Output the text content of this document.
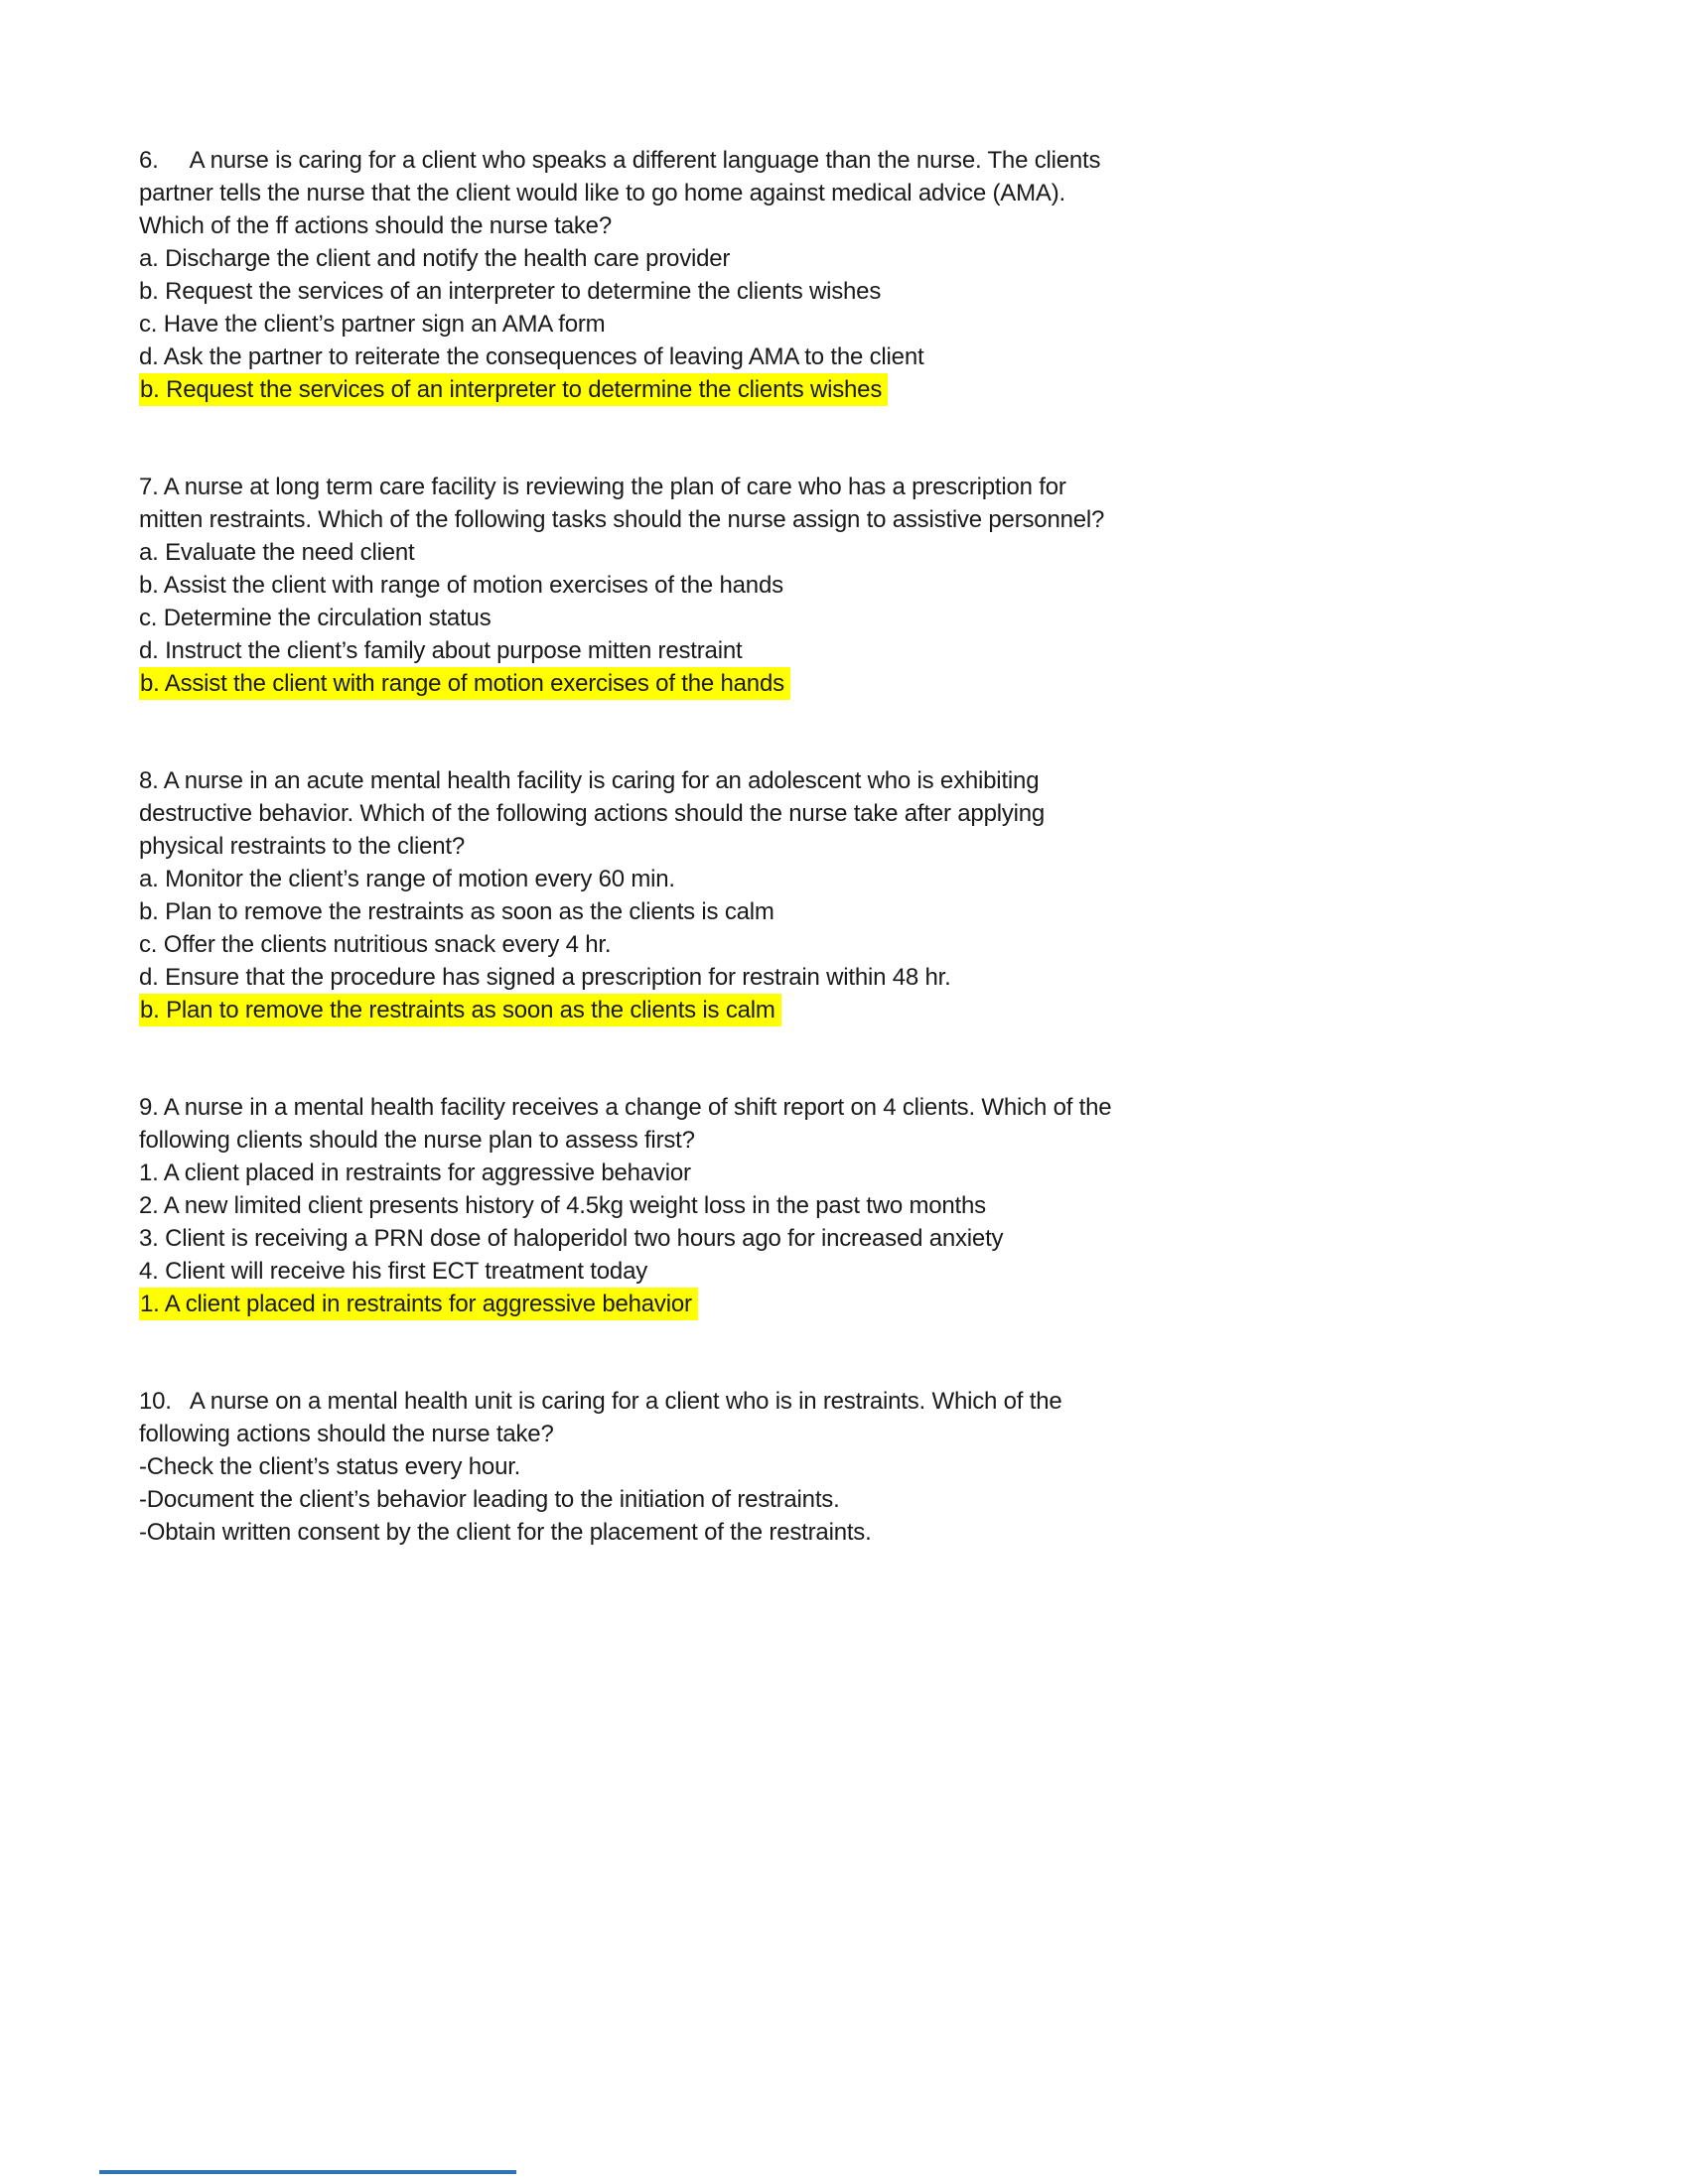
6.     A nurse is caring for a client who speaks a different language than the nurse. The clients partner tells the nurse that the client would like to go home against medical advice (AMA). Which of the ff actions should the nurse take?

a. Discharge the client and notify the health care provider

b. Request the services of an interpreter to determine the clients wishes

c. Have the client’s partner sign an AMA form

d. Ask the partner to reiterate the consequences of leaving AMA to the client

b. Request the services of an interpreter to determine the clients wishes

7. A nurse at long term care facility is reviewing the plan of care who has a prescription for mitten restraints. Which of the following tasks should the nurse assign to assistive personnel?

a. Evaluate the need client

b. Assist the client with range of motion exercises of the hands

c. Determine the circulation status

d. Instruct the client’s family about purpose mitten restraint

b. Assist the client with range of motion exercises of the hands

8. A nurse in an acute mental health facility is caring for an adolescent who is exhibiting destructive behavior. Which of the following actions should the nurse take after applying physical restraints to the client?

a. Monitor the client’s range of motion every 60 min.

b. Plan to remove the restraints as soon as the clients is calm

c. Offer the clients nutritious snack every 4 hr.

d. Ensure that the procedure has signed a prescription for restrain within 48 hr.

b. Plan to remove the restraints as soon as the clients is calm

9. A nurse in a mental health facility receives a change of shift report on 4 clients. Which of the following clients should the nurse plan to assess first?

1. A client placed in restraints for aggressive behavior

2. A new limited client presents history of 4.5kg weight loss in the past two months

3. Client is receiving a PRN dose of haloperidol two hours ago for increased anxiety

4. Client will receive his first ECT treatment today

1. A client placed in restraints for aggressive behavior

10.   A nurse on a mental health unit is caring for a client who is in restraints. Which of the following actions should the nurse take?

-Check the client’s status every hour.

-Document the client’s behavior leading to the initiation of restraints.

-Obtain written consent by the client for the placement of the restraints.
